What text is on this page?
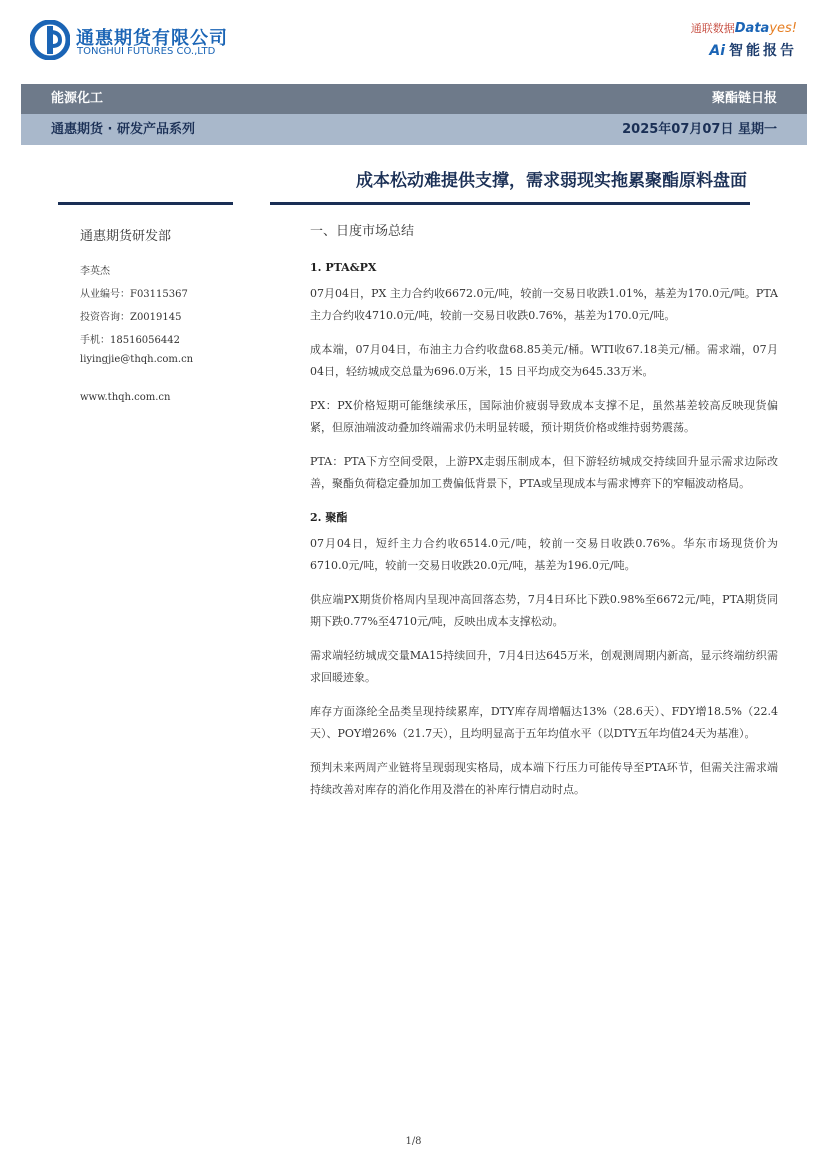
通惠期货有限公司
TONGHUI FUTURES CO.,LTD
通联数据Datayes!
Ai 智能报告
能源化工	聚酯链日报
通惠期货 · 研发产品系列	2025年07月07日 星期一
成本松动难提供支撑，需求弱现实拖累聚酯原料盘面
通惠期货研发部
李英杰
从业编号：F03115367
投资咨询：Z0019145
手机：18516056442
liyingjie@thqh.com.cn
www.thqh.com.cn
一、日度市场总结
1. PTA&PX

07月04日，PX 主力合约收6672.0元/吨，较前一交易日收跌1.01%，基差为170.0元/吨。PTA 主力合约收4710.0元/吨，较前一交易日收跌0.76%，基差为170.0元/吨。

成本端，07月04日，布油主力合约收盘68.85美元/桶。WTI收67.18美元/桶。需求端，07月04日，轻纺城成交总量为696.0万米，15 日平均成交为645.33万米。

PX：PX价格短期可能继续承压，国际油价疲弱导致成本支撑不足，虽然基差较高反映现货偏紧，但原油端波动叠加终端需求仍未明显转暖，预计期货价格或维持弱势震荡。

PTA：PTA下方空间受限，上游PX走弱压制成本，但下游轻纺城成交持续回升显示需求边际改善，聚酯负荷稳定叠加加工费偏低背景下，PTA或呈现成本与需求博弈下的窄幅波动格局。

2. 聚酯

07月04日，短纤主力合约收6514.0元/吨，较前一交易日收跌0.76%。华东市场现货价为6710.0元/吨，较前一交易日收跌20.0元/吨，基差为196.0元/吨。

供应端PX期货价格周内呈现冲高回落态势，7月4日环比下跌0.98%至6672元/吨，PTA期货同期下跌0.77%至4710元/吨，反映出成本支撑松动。

需求端轻纺城成交量MA15持续回升，7月4日达645万米，创观测周期内新高，显示终端纺织需求回暖迹象。

库存方面涤纶全品类呈现持续累库，DTY库存周增幅达13%（28.6天）、FDY增18.5%（22.4天）、POY增26%（21.7天），且均明显高于五年均值水平（以DTY五年均值24天为基准）。

预判未来两周产业链将呈现弱现实格局，成本端下行压力可能传导至PTA环节，但需关注需求端持续改善对库存的消化作用及潜在的补库行情启动时点。

1/8
